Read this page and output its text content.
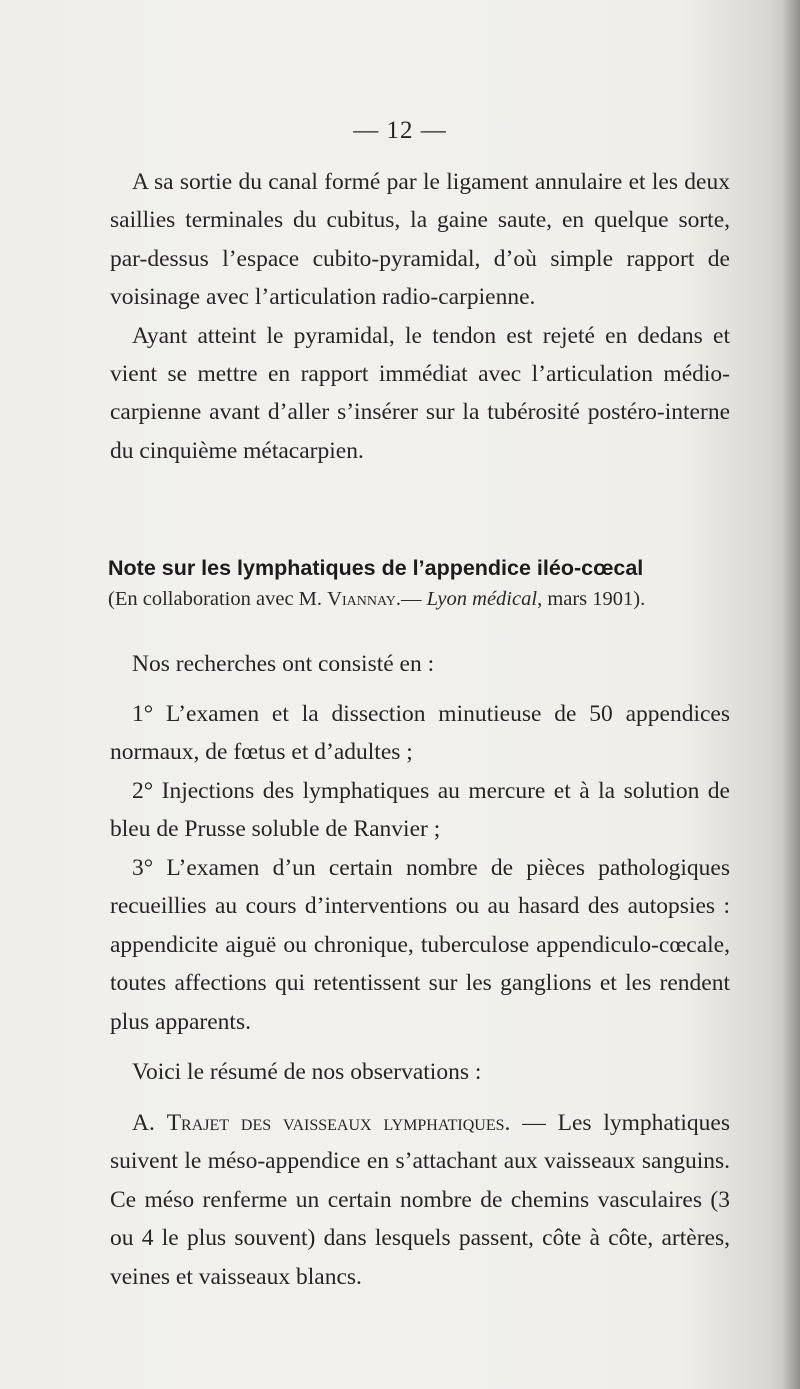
— 12 —

A sa sortie du canal formé par le ligament annulaire et les deux saillies terminales du cubitus, la gaine saute, en quelque sorte, par-dessus l’espace cubito-pyramidal, d’où simple rapport de voisinage avec l’articulation radio-carpienne.

Ayant atteint le pyramidal, le tendon est rejeté en dedans et vient se mettre en rapport immédiat avec l’articulation médio-carpienne avant d’aller s’insérer sur la tubérosité postéro-interne du cinquième métacarpien.

Note sur les lymphatiques de l’appendice iléo-cœcal
(En collaboration avec M. Viannay.— Lyon médical, mars 1901).

Nos recherches ont consisté en :

1° L’examen et la dissection minutieuse de 50 appendices normaux, de fœtus et d’adultes ;

2° Injections des lymphatiques au mercure et à la solution de bleu de Prusse soluble de Ranvier ;

3° L’examen d’un certain nombre de pièces pathologiques recueillies au cours d’interventions ou au hasard des autopsies : appendicite aiguë ou chronique, tuberculose appendiculo-cœcale, toutes affections qui retentissent sur les ganglions et les rendent plus apparents.

Voici le résumé de nos observations :

A. Trajet des vaisseaux lymphatiques. — Les lymphatiques suivent le méso-appendice en s’attachant aux vaisseaux sanguins. Ce méso renferme un certain nombre de chemins vasculaires (3 ou 4 le plus souvent) dans lesquels passent, côte à côte, artères, veines et vaisseaux blancs.
